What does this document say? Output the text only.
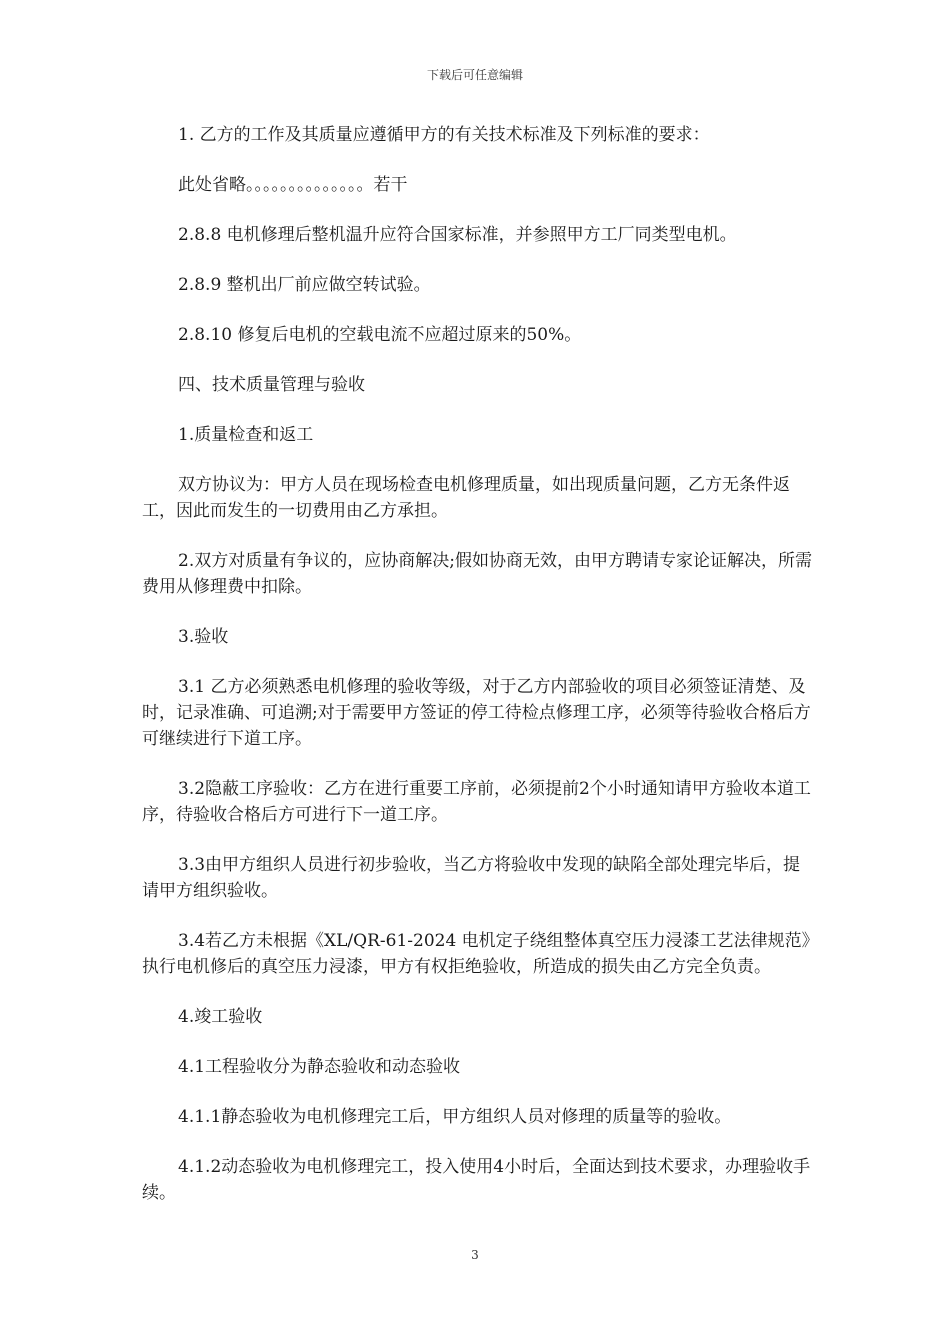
下载后可任意编辑

1. 乙方的工作及其质量应遵循甲方的有关技术标准及下列标准的要求：

此处省略。。。。。。。。。。。。。。若干

2.8.8 电机修理后整机温升应符合国家标准，并参照甲方工厂同类型电机。

2.8.9 整机出厂前应做空转试验。

2.8.10 修复后电机的空载电流不应超过原来的50%。

四、技术质量管理与验收

1.质量检查和返工

双方协议为：甲方人员在现场检查电机修理质量，如出现质量问题，乙方无条件返工，因此而发生的一切费用由乙方承担。

2.双方对质量有争议的，应协商解决;假如协商无效，由甲方聘请专家论证解决，所需费用从修理费中扣除。

3.验收

3.1 乙方必须熟悉电机修理的验收等级，对于乙方内部验收的项目必须签证清楚、及时，记录准确、可追溯;对于需要甲方签证的停工待检点修理工序，必须等待验收合格后方可继续进行下道工序。

3.2隐蔽工序验收：乙方在进行重要工序前，必须提前2个小时通知请甲方验收本道工序，待验收合格后方可进行下一道工序。

3.3由甲方组织人员进行初步验收，当乙方将验收中发现的缺陷全部处理完毕后，提请甲方组织验收。

3.4若乙方未根据《XL/QR-61-2024 电机定子绕组整体真空压力浸漆工艺法律规范》执行电机修后的真空压力浸漆，甲方有权拒绝验收，所造成的损失由乙方完全负责。

4.竣工验收

4.1工程验收分为静态验收和动态验收

4.1.1静态验收为电机修理完工后，甲方组织人员对修理的质量等的验收。

4.1.2动态验收为电机修理完工，投入使用4小时后，全面达到技术要求，办理验收手续。

3
